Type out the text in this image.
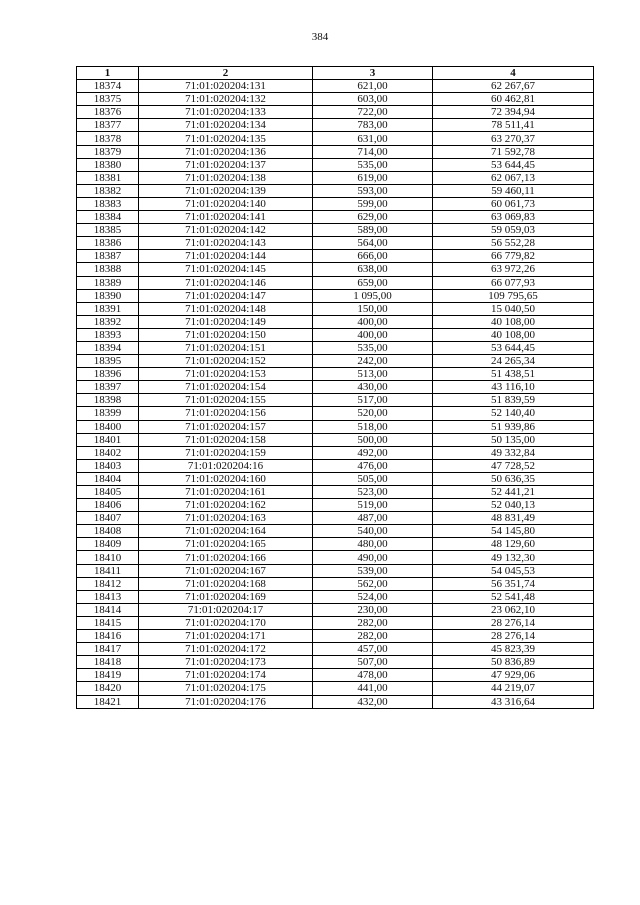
384
1	2	3	4
18374	71:01:020204:131	621,00	62 267,67
18375	71:01:020204:132	603,00	60 462,81
18376	71:01:020204:133	722,00	72 394,94
18377	71:01:020204:134	783,00	78 511,41
18378	71:01:020204:135	631,00	63 270,37
18379	71:01:020204:136	714,00	71 592,78
18380	71:01:020204:137	535,00	53 644,45
18381	71:01:020204:138	619,00	62 067,13
18382	71:01:020204:139	593,00	59 460,11
18383	71:01:020204:140	599,00	60 061,73
18384	71:01:020204:141	629,00	63 069,83
18385	71:01:020204:142	589,00	59 059,03
18386	71:01:020204:143	564,00	56 552,28
18387	71:01:020204:144	666,00	66 779,82
18388	71:01:020204:145	638,00	63 972,26
18389	71:01:020204:146	659,00	66 077,93
18390	71:01:020204:147	1 095,00	109 795,65
18391	71:01:020204:148	150,00	15 040,50
18392	71:01:020204:149	400,00	40 108,00
18393	71:01:020204:150	400,00	40 108,00
18394	71:01:020204:151	535,00	53 644,45
18395	71:01:020204:152	242,00	24 265,34
18396	71:01:020204:153	513,00	51 438,51
18397	71:01:020204:154	430,00	43 116,10
18398	71:01:020204:155	517,00	51 839,59
18399	71:01:020204:156	520,00	52 140,40
18400	71:01:020204:157	518,00	51 939,86
18401	71:01:020204:158	500,00	50 135,00
18402	71:01:020204:159	492,00	49 332,84
18403	71:01:020204:16	476,00	47 728,52
18404	71:01:020204:160	505,00	50 636,35
18405	71:01:020204:161	523,00	52 441,21
18406	71:01:020204:162	519,00	52 040,13
18407	71:01:020204:163	487,00	48 831,49
18408	71:01:020204:164	540,00	54 145,80
18409	71:01:020204:165	480,00	48 129,60
18410	71:01:020204:166	490,00	49 132,30
18411	71:01:020204:167	539,00	54 045,53
18412	71:01:020204:168	562,00	56 351,74
18413	71:01:020204:169	524,00	52 541,48
18414	71:01:020204:17	230,00	23 062,10
18415	71:01:020204:170	282,00	28 276,14
18416	71:01:020204:171	282,00	28 276,14
18417	71:01:020204:172	457,00	45 823,39
18418	71:01:020204:173	507,00	50 836,89
18419	71:01:020204:174	478,00	47 929,06
18420	71:01:020204:175	441,00	44 219,07
18421	71:01:020204:176	432,00	43 316,64
